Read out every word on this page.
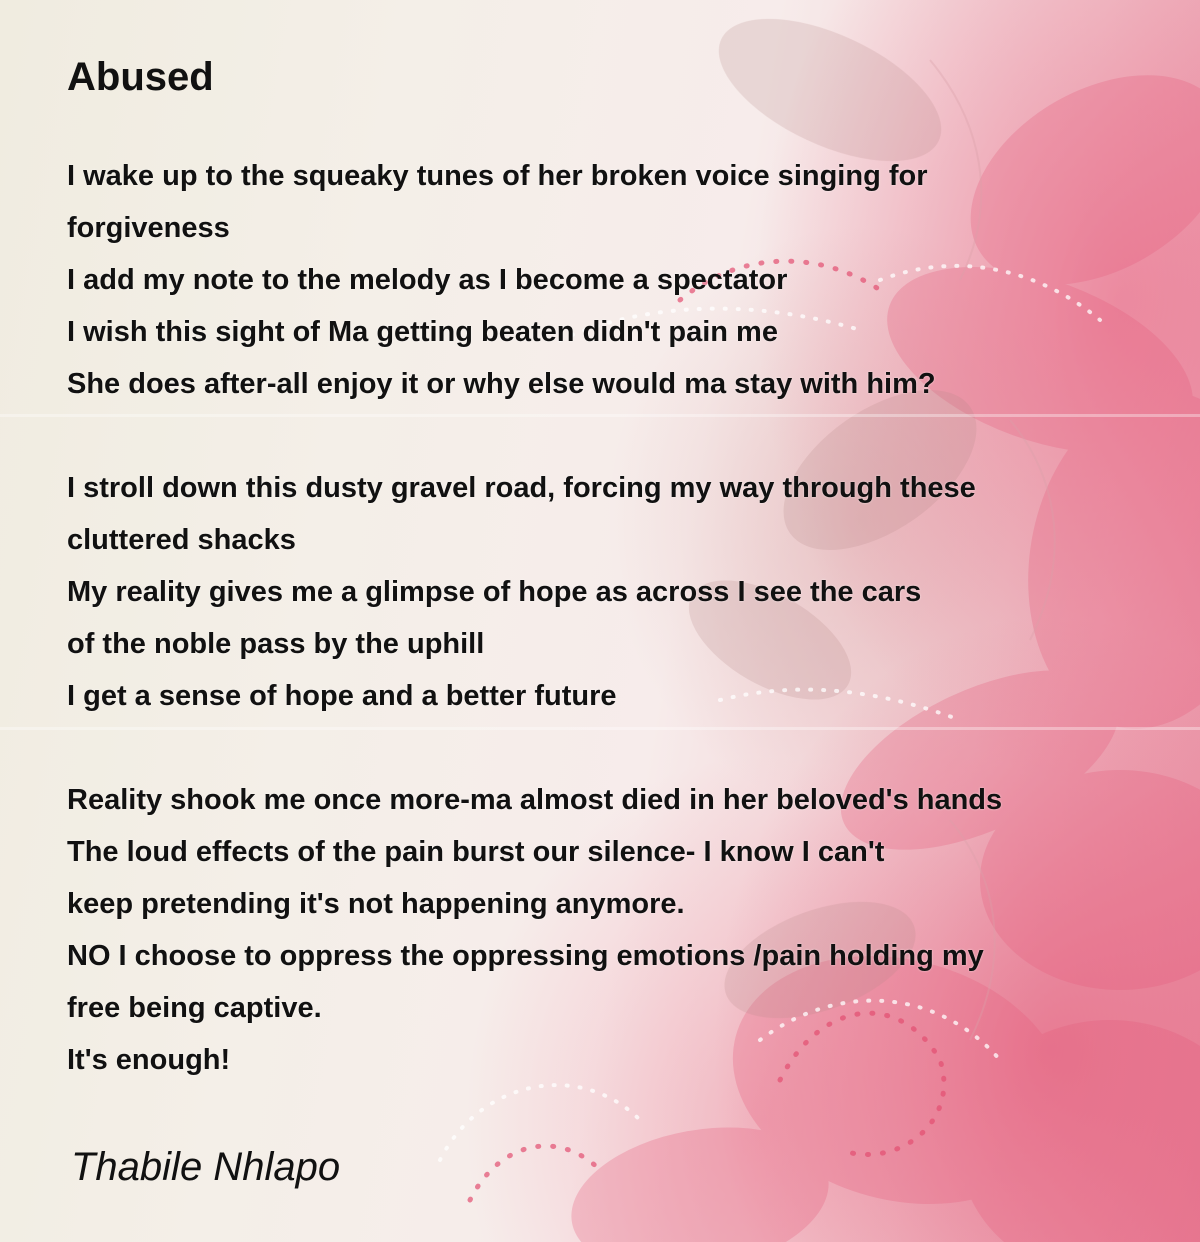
Abused
I wake up to the squeaky tunes of her broken voice singing for
forgiveness
I add my note to the melody as I become a spectator
I wish this sight of Ma getting beaten didn't pain me
She does after-all enjoy it or why else would ma stay with him?
I stroll down this dusty gravel road, forcing my way through these
cluttered shacks
My reality gives me a glimpse of hope as across I see the cars
of the noble pass by the uphill
I get a sense of hope and a better future
Reality shook me once more-ma almost died in her beloved's hands
The loud effects of the pain burst our silence- I know I can't
keep pretending it's not happening anymore.
NO I choose to oppress the oppressing emotions /pain holding my
free being captive.
It's enough!

Thabile Nhlapo
